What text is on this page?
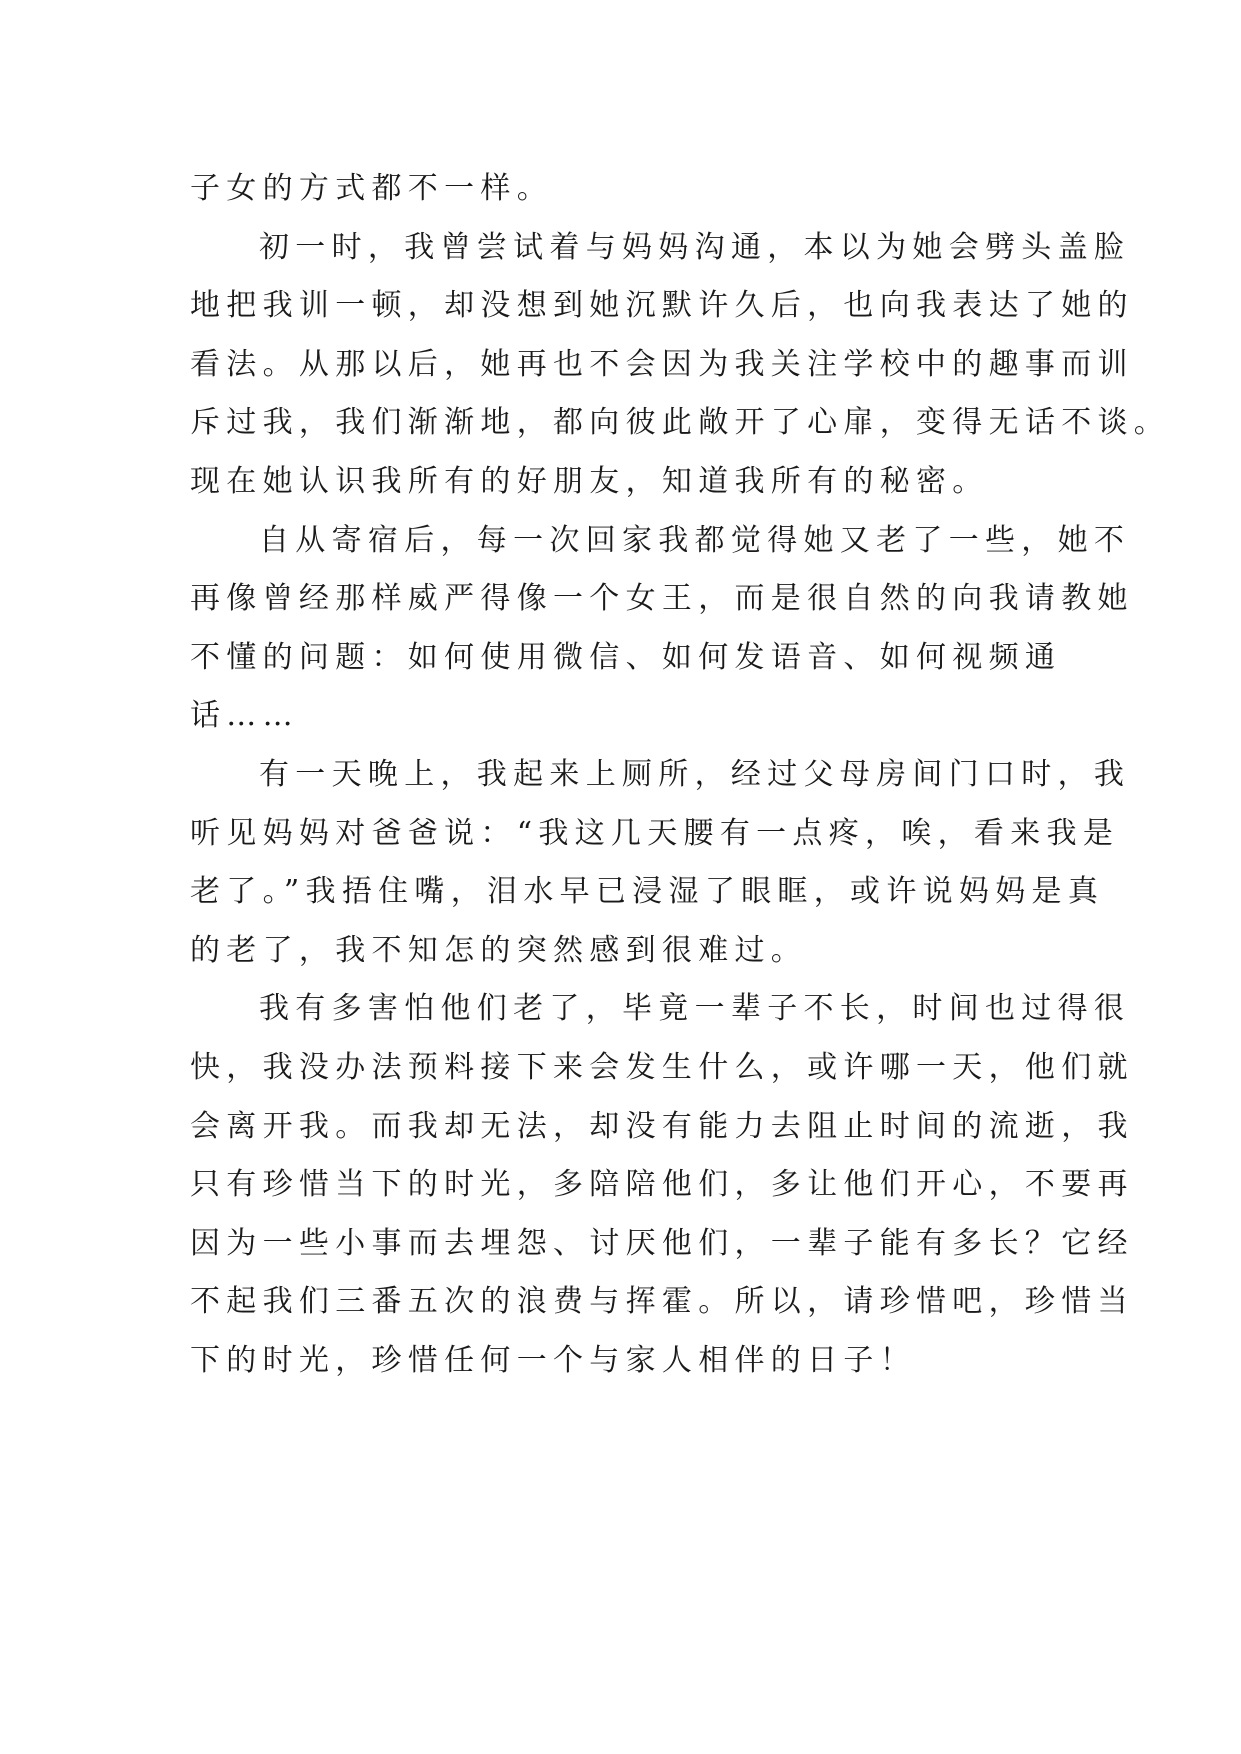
子女的方式都不一样。
初一时，我曾尝试着与妈妈沟通，本以为她会劈头盖脸
地把我训一顿，却没想到她沉默许久后，也向我表达了她的
看法。从那以后，她再也不会因为我关注学校中的趣事而训
斥过我，我们渐渐地，都向彼此敞开了心扉，变得无话不谈。
现在她认识我所有的好朋友，知道我所有的秘密。
自从寄宿后，每一次回家我都觉得她又老了一些，她不
再像曾经那样威严得像一个女王，而是很自然的向我请教她
不懂的问题：如何使用微信、如何发语音、如何视频通
话……
有一天晚上，我起来上厕所，经过父母房间门口时，我
听见妈妈对爸爸说：“我这几天腰有一点疼，唉，看来我是
老了。”我捂住嘴，泪水早已浸湿了眼眶，或许说妈妈是真
的老了，我不知怎的突然感到很难过。
我有多害怕他们老了，毕竟一辈子不长，时间也过得很
快，我没办法预料接下来会发生什么，或许哪一天，他们就
会离开我。而我却无法，却没有能力去阻止时间的流逝，我
只有珍惜当下的时光，多陪陪他们，多让他们开心，不要再
因为一些小事而去埋怨、讨厌他们，一辈子能有多长？它经
不起我们三番五次的浪费与挥霍。所以，请珍惜吧，珍惜当
下的时光，珍惜任何一个与家人相伴的日子！
